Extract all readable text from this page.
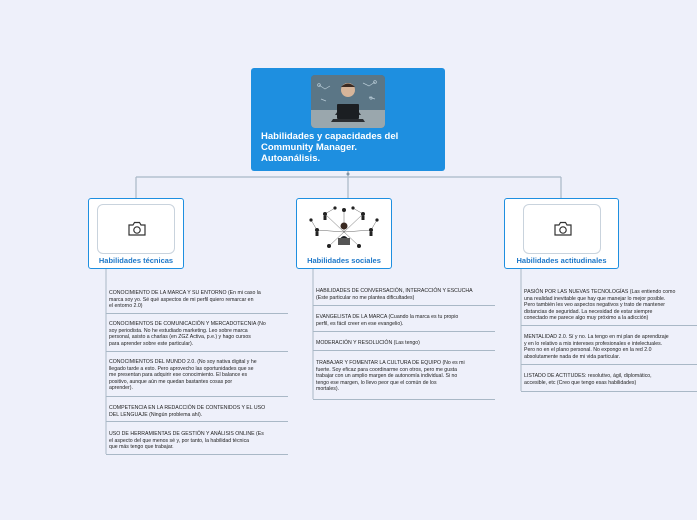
Habilidades y capacidades del
Community Manager.
Autoanálisis.
Habilidades técnicas	Habilidades sociales	Habilidades actitudinales
CONOCIMIENTO DE LA MARCA Y SU ENTORNO (En mi caso la
marca soy yo. Sé qué aspectos de mi perfil quiero remarcar en
el entorno 2.0)
CONOCIMIENTOS DE COMUNICACIÓN Y MERCADOTECNIA (No
soy periodista. No he estudiado marketing. Leo sobre marca
personal, asisto a charlas (en ZGZ Activa, p.e.) y hago cursos
para aprender sobre este particular).
CONOCIMIENTOS DEL MUNDO 2.0. (No soy nativa digital y he
llegado tarde a esto. Pero aprovecho las oportunidades que se
me presentan para adquirir ese conocimiento. El balance es
positivo, aunque aún me quedan bastantes cosas por
aprender).
COMPETENCIA EN LA REDACCIÓN DE CONTENIDOS Y EL USO
DEL LENGUAJE (Ningún problema ahí).
USO DE HERRAMIENTAS DE GESTIÓN Y ANÁLISIS ONLINE (Es
el aspecto del que menos sé y, por tanto, la habilidad técnica
que más tengo que trabajar.
HABILIDADES DE CONVERSACIÓN, INTERACCIÓN Y ESCUCHA
(Este particular no me plantea dificultades)
EVANGELISTA DE LA MARCA (Cuando la marca es tu propio
perfil, es fácil creer en ese evangelio).
MODERACIÓN Y RESOLUCIÓN (Las tengo)
TRABAJAR Y FOMENTAR LA CULTURA DE EQUIPO (No es mi
fuerte. Soy eficaz para coordinarme con otros, pero me gusta
trabajar con un amplio margen de autonomía individual. Si no
tengo ese margen, lo llevo peor que el común de los
mortales).
PASIÓN POR LAS NUEVAS TECNOLOGÍAS (Las entiendo como
una realidad inevitable que hay que manejar lo mejor posible.
Pero también les veo aspectos negativos y trato de mantener
distancias de seguridad. La necesidad de estar siempre
conectado me parece algo muy próximo a la adicción)
MENTALIDAD 2.0. Sí y no. La tengo en mi plan de aprendizaje
y en lo relativo a mis intereses profesionales e intelectuales.
Pero no en el plano personal. No expongo en la red 2.0
absolutamente nada de mi vida particular.
LISTADO DE ACTITUDES: resolutivo, ágil, diplomático,
accesible, etc (Creo que tengo esas habilidades)
